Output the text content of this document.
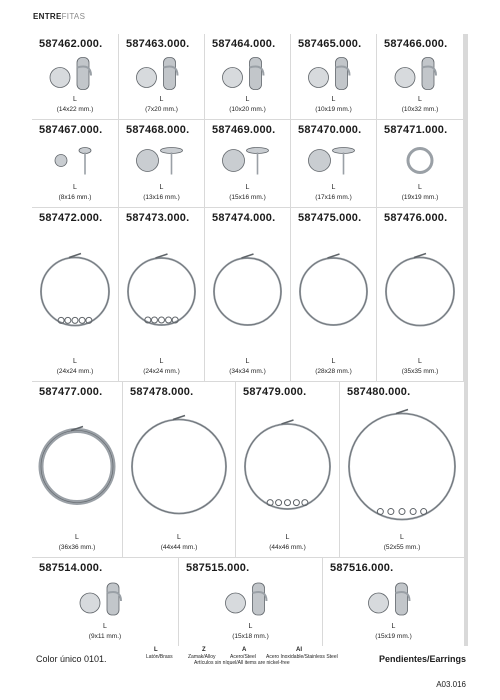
ENTREFITAS
587462.000.
L
(14x22 mm.)
587463.000.
L
(7x20 mm.)
587464.000.
L
(10x20 mm.)
587465.000.
L
(10x19 mm.)
587466.000.
L
(10x32 mm.)
587467.000.
L
(8x16 mm.)
587468.000.
L
(13x16 mm.)
587469.000.
L
(15x16 mm.)
587470.000.
L
(17x16 mm.)
587471.000.
L
(19x19 mm.)
587472.000.
L
(24x24 mm.)
587473.000.
L
(24x24 mm.)
587474.000.
L
(34x34 mm.)
587475.000.
L
(28x28 mm.)
587476.000.
L
(35x35 mm.)
587477.000.
L
(36x36 mm.)
587478.000.
L
(44x44 mm.)
587479.000.
L
(44x46 mm.)
587480.000.
L
(52x55 mm.)
587514.000.
L
(9x11 mm.)
587515.000.
L
(15x18 mm.)
587516.000.
L
(15x19 mm.)
Color único 0101.
L	Z	A	AI
Latón/Brass	Zamak/Alloy	Acero/Steel Acero Inoxidable/Stainless Steel
Artículos sin níquel/All items are nickel-free	Pendientes/Earrings
A03.016
